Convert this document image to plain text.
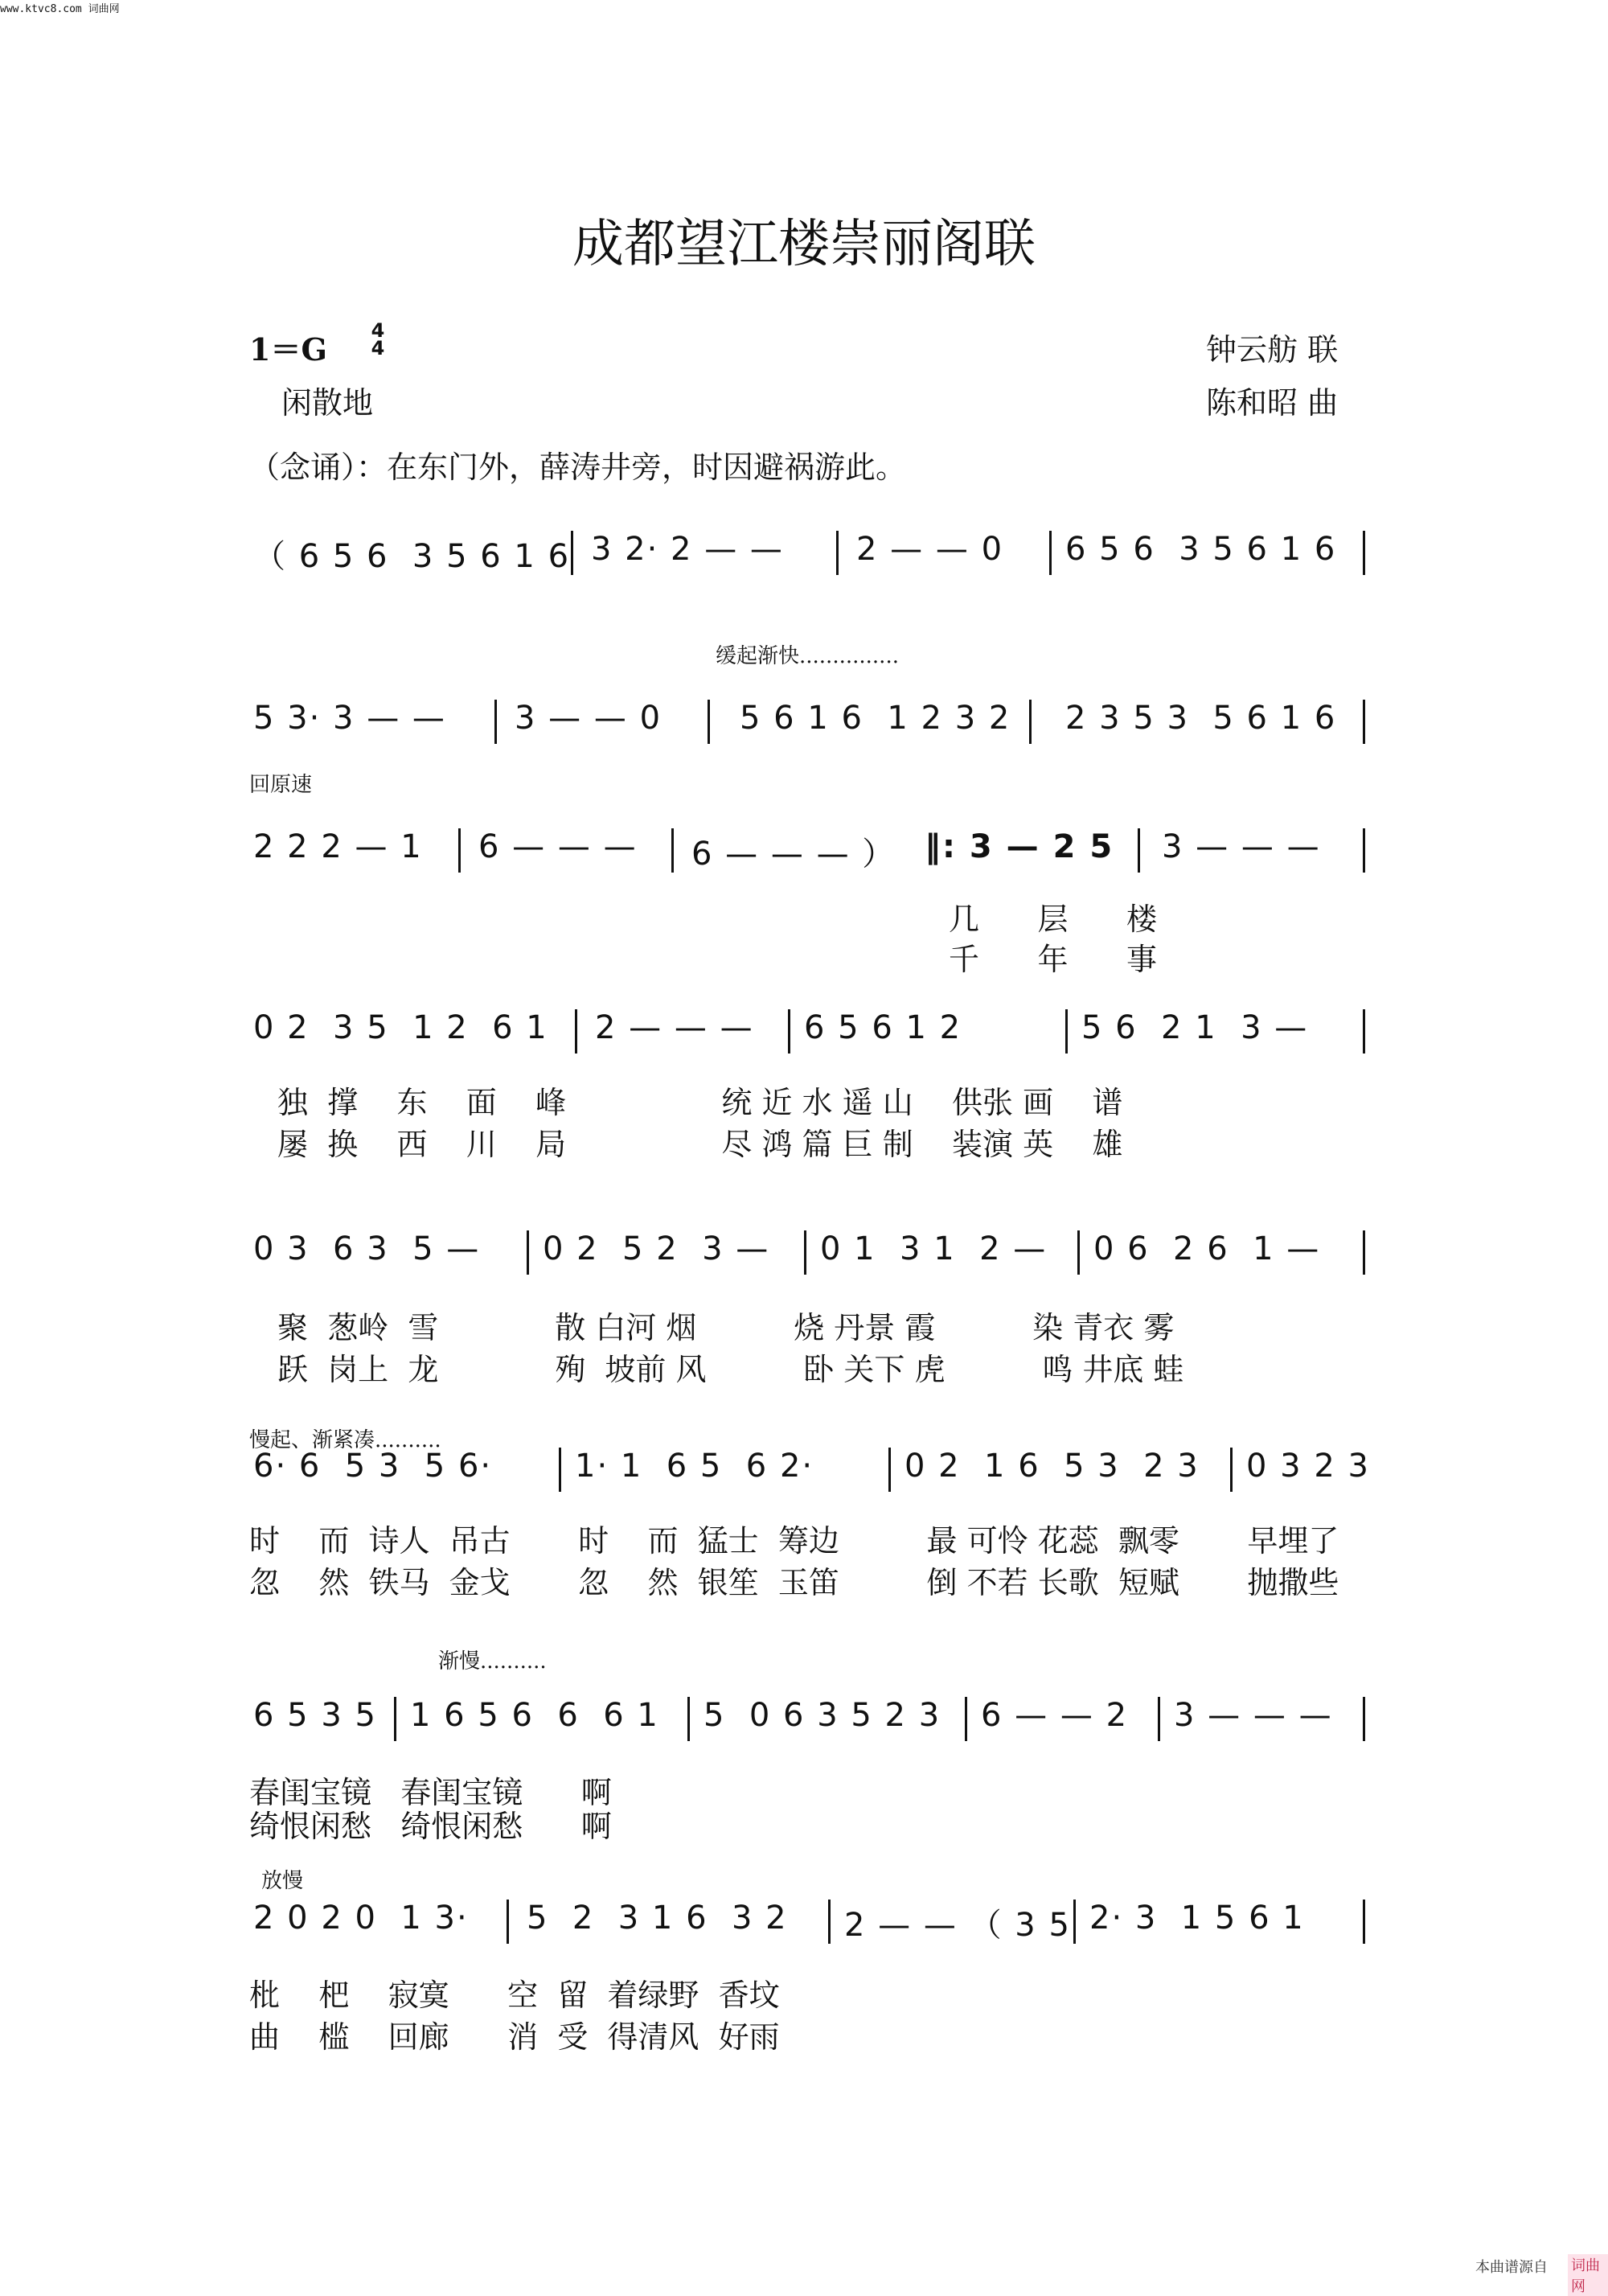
www.ktvc8.com 词曲网
成都望江楼崇丽阁联
1＝G
4
4	钟云舫 联
陈和昭 曲
闲散地
（念诵）：在东门外，薛涛井旁，时因避祸游此。
（ 6 5 6  3 5 6 1 6 3 2· 2 — — 2 — — 0 6 5 6  3 5 6 1 6
缓起渐快...............
5 3· 3 — — 3 — — 0 5 6 1 6  1 2 3 2 2 3 5 3  5 6 1 6
回原速
2 2 2 — 1 6 — — — 6 — — — ） ‖: 3 — 2 5 3 — — —
几      层      楼
千      年      事
0 2  3 5  1 2  6 1 2 — — — 6 5 6 1 2	5 6  2 1  3 —
独  撑    东    面    峰                统 近 水 遥 山    供张 画    谱
屡  换    西    川    局                尽 鸿 篇 巨 制    装演 英    雄
0 3  6 3  5 — 0 2  5 2  3 — 0 1  3 1  2 — 0 6  2 6  1 —
聚  葱岭  雪            散 白河 烟          烧 丹景 霞          染 青衣 雾
跃  岗上  龙            殉  坡前 风          卧 关下 虎          鸣 井底 蛙
慢起、渐紧凑..........
6· 6  5 3  5 6·	1· 1  6 5  6 2·	0 2  1 6  5 3  2 3 0 3 2 3
时    而  诗人  吊古       时    而  猛士  筹边         最 可怜 花蕊  飘零       早埋了
忽    然  铁马  金戈       忽    然  银笙  玉笛         倒 不若 长歌  短赋       抛撒些
渐慢..........
6 5 3 5 1 6 5 6  6  6 1 5  0 6 3 5 2 3 6 — — 2 3 — — —
春闺宝镜   春闺宝镜      啊
绮恨闲愁   绮恨闲愁      啊
放慢
2 0 2 0  1 3· 5  2  3 1 6  3 2 2 — — （ 3 5 2· 3  1 5 6 1
枇    杷    寂寞      空  留  着绿野  香坟
曲    槛    回廊      消  受  得清风  好雨
本曲谱源自 词曲网
